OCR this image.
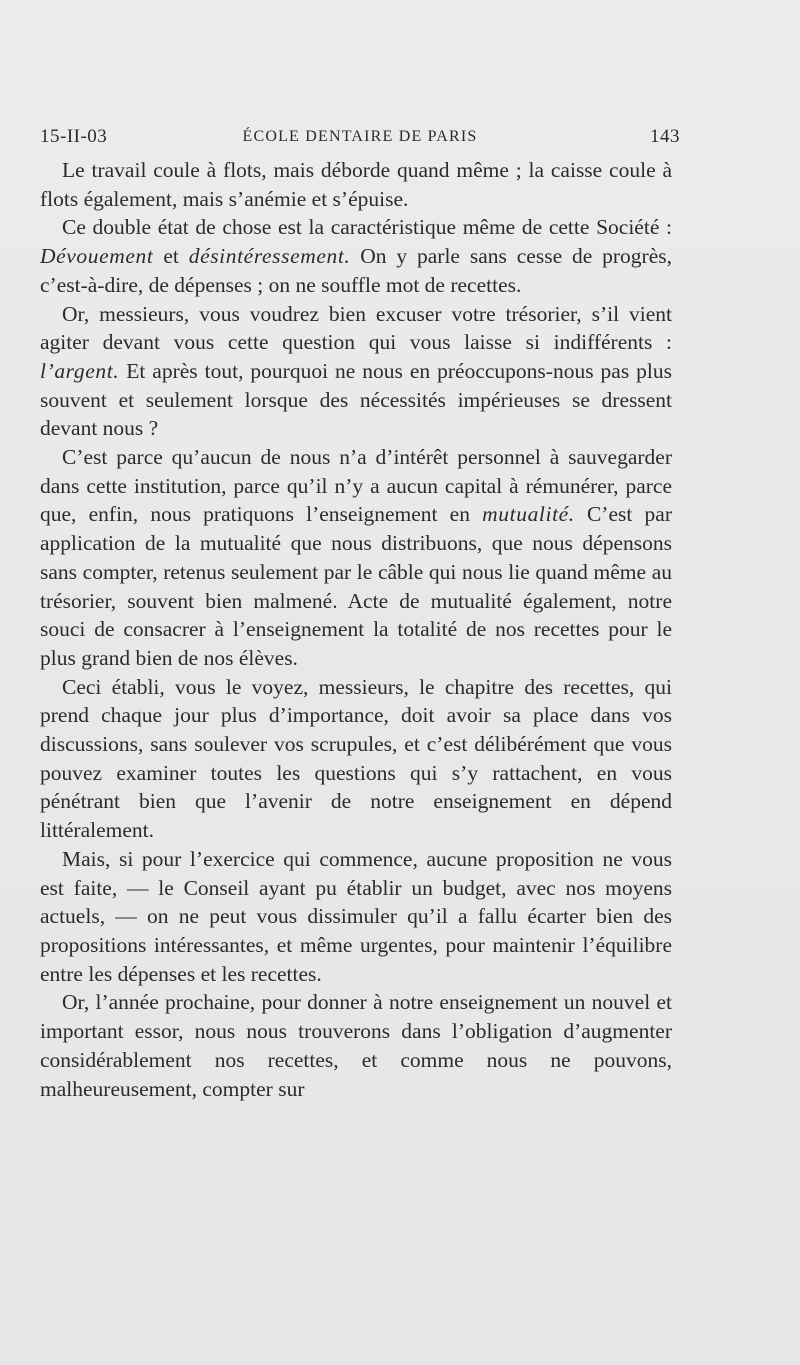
15-II-03	ÉCOLE DENTAIRE DE PARIS	143

Le travail coule à flots, mais déborde quand même ; la caisse coule à flots également, mais s’anémie et s’épuise.

Ce double état de chose est la caractéristique même de cette Société : Dévouement et désintéressement. On y parle sans cesse de progrès, c’est-à-dire, de dépenses ; on ne souffle mot de recettes.

Or, messieurs, vous voudrez bien excuser votre trésorier, s’il vient agiter devant vous cette question qui vous laisse si indifférents : l’argent. Et après tout, pourquoi ne nous en préoccupons-nous pas plus souvent et seulement lorsque des nécessités impérieuses se dressent devant nous ?

C’est parce qu’aucun de nous n’a d’intérêt personnel à sauvegarder dans cette institution, parce qu’il n’y a aucun capital à rémunérer, parce que, enfin, nous pratiquons l’enseignement en mutualité. C’est par application de la mutualité que nous distribuons, que nous dépensons sans compter, retenus seulement par le câble qui nous lie quand même au trésorier, souvent bien malmené. Acte de mutualité également, notre souci de consacrer à l’enseignement la totalité de nos recettes pour le plus grand bien de nos élèves.

Ceci établi, vous le voyez, messieurs, le chapitre des recettes, qui prend chaque jour plus d’importance, doit avoir sa place dans vos discussions, sans soulever vos scrupules, et c’est délibérément que vous pouvez examiner toutes les questions qui s’y rattachent, en vous pénétrant bien que l’avenir de notre enseignement en dépend littéralement.

Mais, si pour l’exercice qui commence, aucune proposition ne vous est faite, — le Conseil ayant pu établir un budget, avec nos moyens actuels, — on ne peut vous dissimuler qu’il a fallu écarter bien des propositions intéressantes, et même urgentes, pour maintenir l’équilibre entre les dépenses et les recettes.

Or, l’année prochaine, pour donner à notre enseignement un nouvel et important essor, nous nous trouverons dans l’obligation d’augmenter considérablement nos recettes, et comme nous ne pouvons, malheureusement, compter sur
